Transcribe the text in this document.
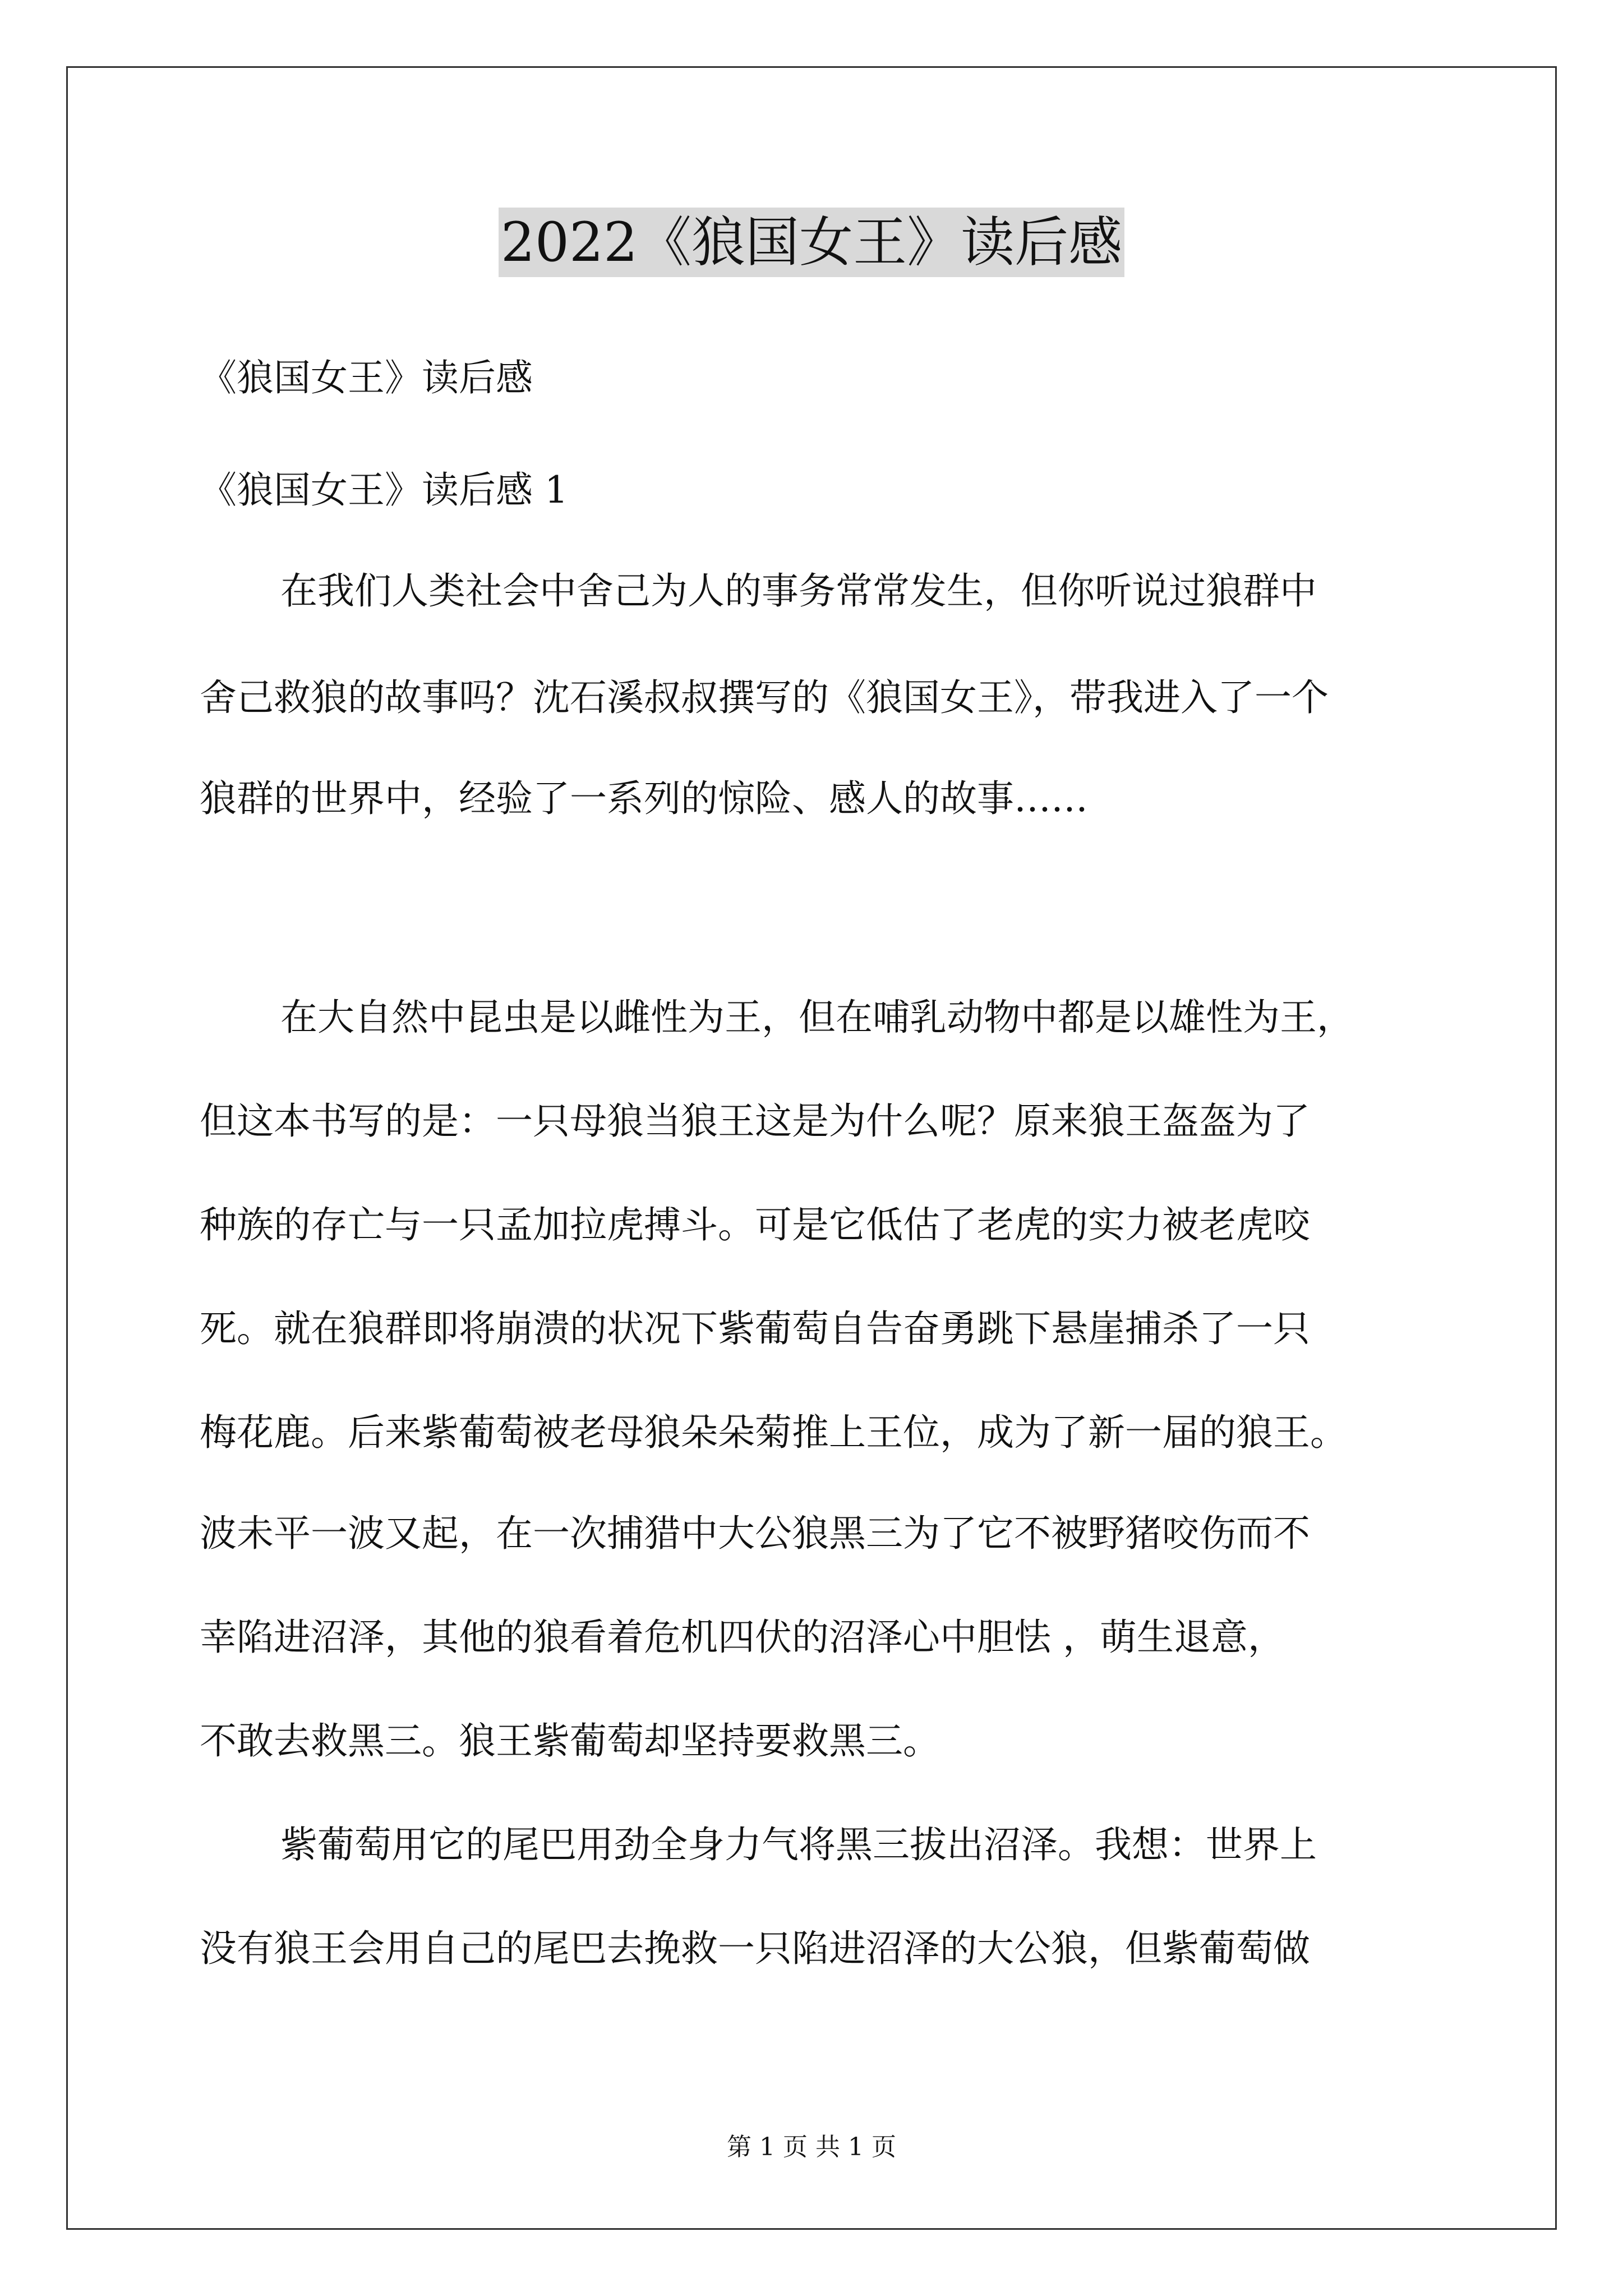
2022《狼国女王》读后感
《狼国女王》读后感
《狼国女王》读后感 1
在我们人类社会中舍己为人的事务常常发生，但你听说过狼群中
舍己救狼的故事吗？沈石溪叔叔撰写的《狼国女王》，带我进入了一个
狼群的世界中，经验了一系列的惊险、感人的故事……
在大自然中昆虫是以雌性为王，但在哺乳动物中都是以雄性为王，
但这本书写的是：一只母狼当狼王这是为什么呢？原来狼王盔盔为了
种族的存亡与一只孟加拉虎搏斗。可是它低估了老虎的实力被老虎咬
死。就在狼群即将崩溃的状况下紫葡萄自告奋勇跳下悬崖捕杀了一只
梅花鹿。后来紫葡萄被老母狼朵朵菊推上王位，成为了新一届的狼王。
波未平一波又起，在一次捕猎中大公狼黑三为了它不被野猪咬伤而不
幸陷进沼泽，其他的狼看着危机四伏的沼泽心中胆怯 ，萌生退意，
不敢去救黑三。狼王紫葡萄却坚持要救黑三。
紫葡萄用它的尾巴用劲全身力气将黑三拔出沼泽。我想：世界上
没有狼王会用自己的尾巴去挽救一只陷进沼泽的大公狼，但紫葡萄做
第 1 页 共 1 页
